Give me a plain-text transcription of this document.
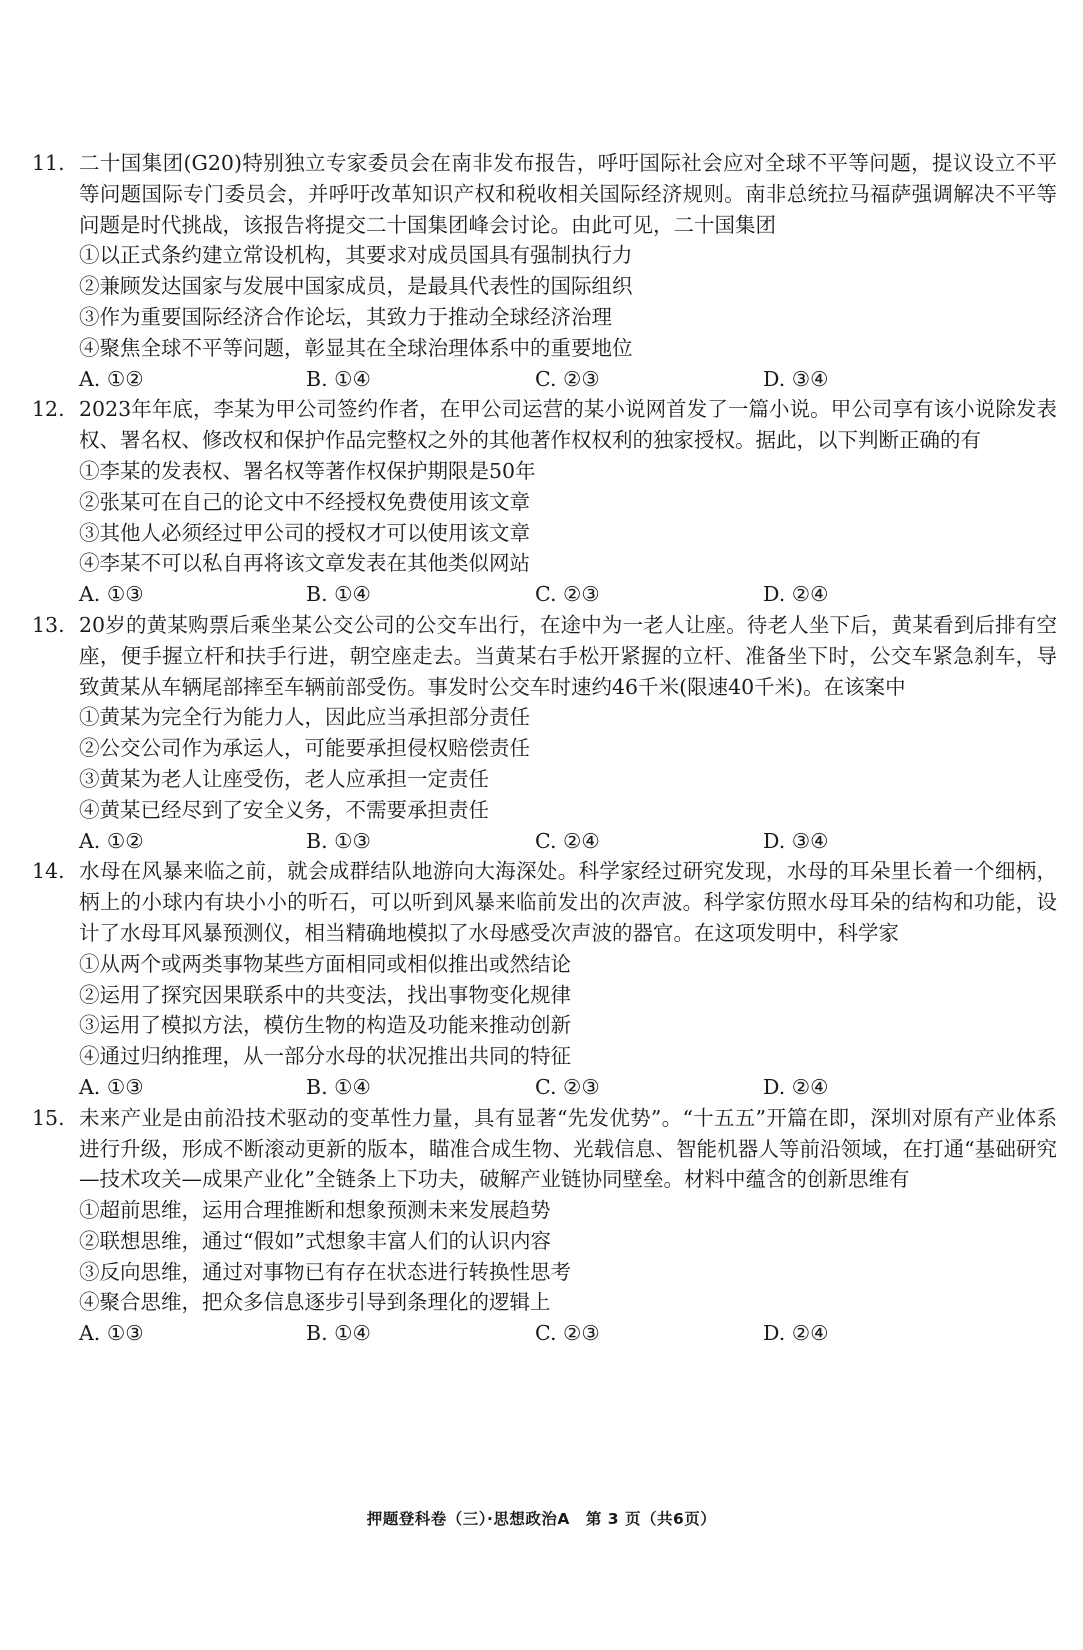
11. 二十国集团(G20)特别独立专家委员会在南非发布报告，呼吁国际社会应对全球不平等问题，提议设立不平等问题国际专门委员会，并呼吁改革知识产权和税收相关国际经济规则。南非总统拉马福萨强调解决不平等问题是时代挑战，该报告将提交二十国集团峰会讨论。由此可见，二十国集团
①以正式条约建立常设机构，其要求对成员国具有强制执行力
②兼顾发达国家与发展中国家成员，是最具代表性的国际组织
③作为重要国际经济合作论坛，其致力于推动全球经济治理
④聚焦全球不平等问题，彰显其在全球治理体系中的重要地位
A. ①②	B. ①④	C. ②③	D. ③④
12. 2023年年底，李某为甲公司签约作者，在甲公司运营的某小说网首发了一篇小说。甲公司享有该小说除发表权、署名权、修改权和保护作品完整权之外的其他著作权权利的独家授权。据此，以下判断正确的有
①李某的发表权、署名权等著作权保护期限是50年
②张某可在自己的论文中不经授权免费使用该文章
③其他人必须经过甲公司的授权才可以使用该文章
④李某不可以私自再将该文章发表在其他类似网站
A. ①③	B. ①④	C. ②③	D. ②④
13. 20岁的黄某购票后乘坐某公交公司的公交车出行，在途中为一老人让座。待老人坐下后，黄某看到后排有空座，便手握立杆和扶手行进，朝空座走去。当黄某右手松开紧握的立杆、准备坐下时，公交车紧急刹车，导致黄某从车辆尾部摔至车辆前部受伤。事发时公交车时速约46千米(限速40千米)。在该案中
①黄某为完全行为能力人，因此应当承担部分责任
②公交公司作为承运人，可能要承担侵权赔偿责任
③黄某为老人让座受伤，老人应承担一定责任
④黄某已经尽到了安全义务，不需要承担责任
A. ①②	B. ①③	C. ②④	D. ③④
14. 水母在风暴来临之前，就会成群结队地游向大海深处。科学家经过研究发现，水母的耳朵里长着一个细柄，柄上的小球内有块小小的听石，可以听到风暴来临前发出的次声波。科学家仿照水母耳朵的结构和功能，设计了水母耳风暴预测仪，相当精确地模拟了水母感受次声波的器官。在这项发明中，科学家
①从两个或两类事物某些方面相同或相似推出或然结论
②运用了探究因果联系中的共变法，找出事物变化规律
③运用了模拟方法，模仿生物的构造及功能来推动创新
④通过归纳推理，从一部分水母的状况推出共同的特征
A. ①③	B. ①④	C. ②③	D. ②④
15. 未来产业是由前沿技术驱动的变革性力量，具有显著“先发优势”。“十五五”开篇在即，深圳对原有产业体系进行升级，形成不断滚动更新的版本，瞄准合成生物、光载信息、智能机器人等前沿领域，在打通“基础研究—技术攻关—成果产业化”全链条上下功夫，破解产业链协同壁垒。材料中蕴含的创新思维有
①超前思维，运用合理推断和想象预测未来发展趋势
②联想思维，通过“假如”式想象丰富人们的认识内容
③反向思维，通过对事物已有存在状态进行转换性思考
④聚合思维，把众多信息逐步引导到条理化的逻辑上
A. ①③	B. ①④	C. ②③	D. ②④
押题登科卷（三）·思想政治A　第 3 页（共6页）
